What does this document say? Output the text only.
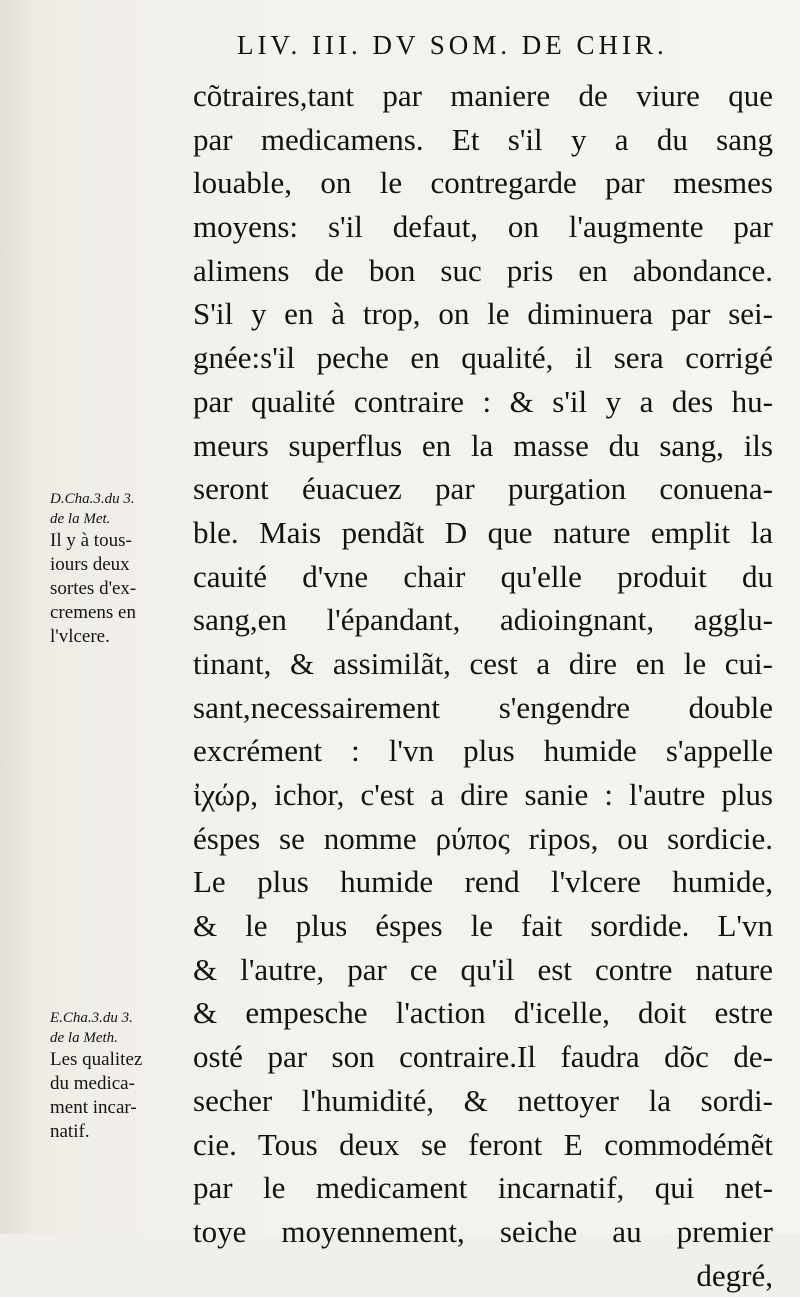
LIV. III. DV SOM. DE CHIR.
cõtraires,tant par maniere de viure que
par medicamens. Et s'il y a du sang
louable, on le contregarde par mesmes
moyens: s'il defaut, on l'augmente par
alimens de bon suc pris en abondance.
S'il y en à trop, on le diminuera par sei-
gnée:s'il peche en qualité, il sera corrigé
par qualité contraire : & s'il y a des hu-
meurs superflus en la masse du sang, ils
seront éuacuez par purgation conuena-
ble. Mais pendãt D que nature emplit la
cauité d'vne chair qu'elle produit du
sang,en l'épandant, adioingnant, agglu-
tinant, & assimilãt, cest a dire en le cui-
sant,necessairement s'engendre double
excrément : l'vn plus humide s'appelle
ἰχώρ, ichor, c'est a dire sanie : l'autre plus
éspes se nomme ρύπος ripos, ou sordicie.
Le plus humide rend l'vlcere humide,
& le plus éspes le fait sordide. L'vn
& l'autre, par ce qu'il est contre nature
& empesche l'action d'icelle, doit estre
osté par son contraire.Il faudra dõc de-
secher l'humidité, & nettoyer la sordi-
cie. Tous deux se feront E commodémẽt
par le medicament incarnatif, qui net-
toye moyennement, seiche au premier
degré,
D.Cha.3.du 3.
de la Met.
Il y à tous-
iours deux
sortes d'ex-
cremens en
l'vlcere.
E.Cha.3.du 3.
de la Meth.
Les qualitez
du medica-
ment incar-
natif.
